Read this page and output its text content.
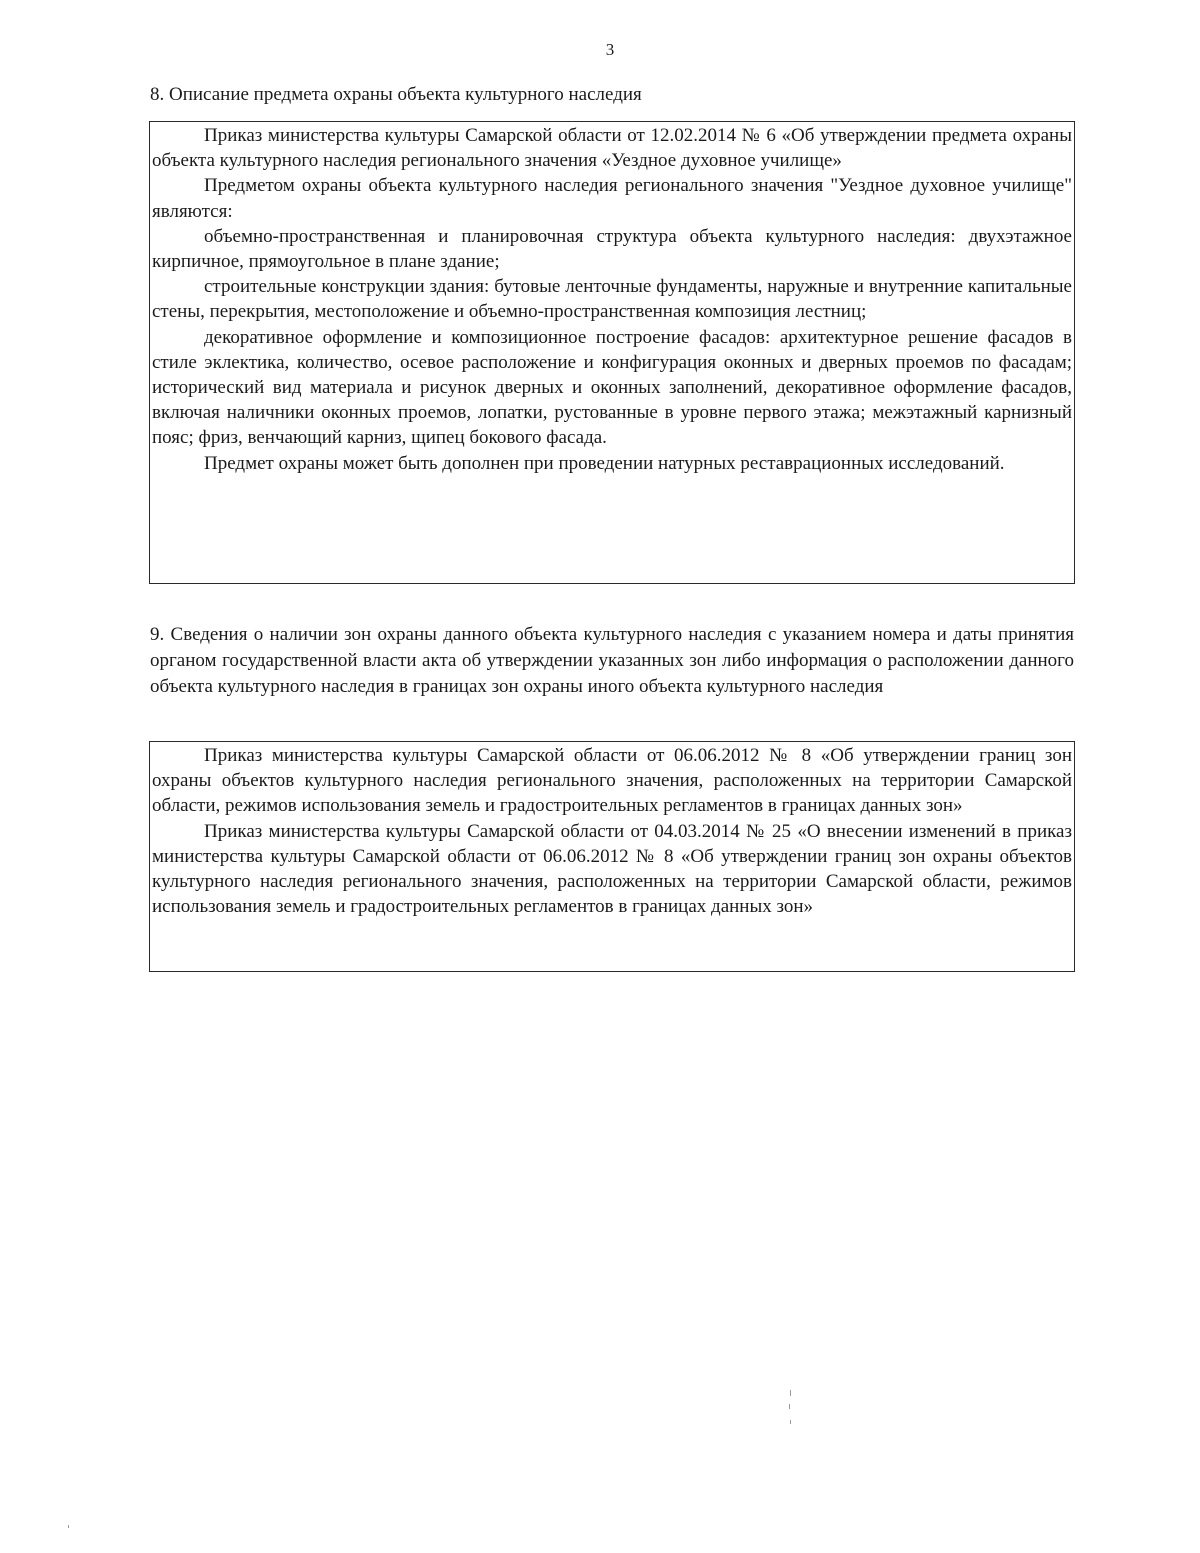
3
8. Описание предмета охраны объекта культурного наследия

Приказ министерства культуры Самарской области от 12.02.2014 № 6 «Об утверждении предмета охраны объекта культурного наследия регионального значения «Уездное духовное училище»

Предметом охраны объекта культурного наследия регионального значения "Уездное духовное училище" являются:

объемно-пространственная и планировочная структура объекта культурного наследия: двухэтажное кирпичное, прямоугольное в плане здание;

строительные конструкции здания: бутовые ленточные фундаменты, наружные и внутренние капитальные стены, перекрытия, местоположение и объемно-пространственная композиция лестниц;

декоративное оформление и композиционное построение фасадов: архитектурное решение фасадов в стиле эклектика, количество, осевое расположение и конфигурация оконных и дверных проемов по фасадам; исторический вид материала и рисунок дверных и оконных заполнений, декоративное оформление фасадов, включая наличники оконных проемов, лопатки, рустованные в уровне первого этажа; межэтажный карнизный пояс; фриз, венчающий карниз, щипец бокового фасада.

Предмет охраны может быть дополнен при проведении натурных реставрационных исследований.

9. Сведения о наличии зон охраны данного объекта культурного наследия с указанием номера и даты принятия органом государственной власти акта об утверждении указанных зон либо информация о расположении данного объекта культурного наследия в границах зон охраны иного объекта культурного наследия

Приказ министерства культуры Самарской области от 06.06.2012 № 8 «Об утверждении границ зон охраны объектов культурного наследия регионального значения, расположенных на территории Самарской области, режимов использования земель и градостроительных регламентов в границах данных зон»

Приказ министерства культуры Самарской области от 04.03.2014 № 25 «О внесении изменений в приказ министерства культуры Самарской области от 06.06.2012 № 8 «Об утверждении границ зон охраны объектов культурного наследия регионального значения, расположенных на территории Самарской области, режимов использования земель и градостроительных регламентов в границах данных зон»
